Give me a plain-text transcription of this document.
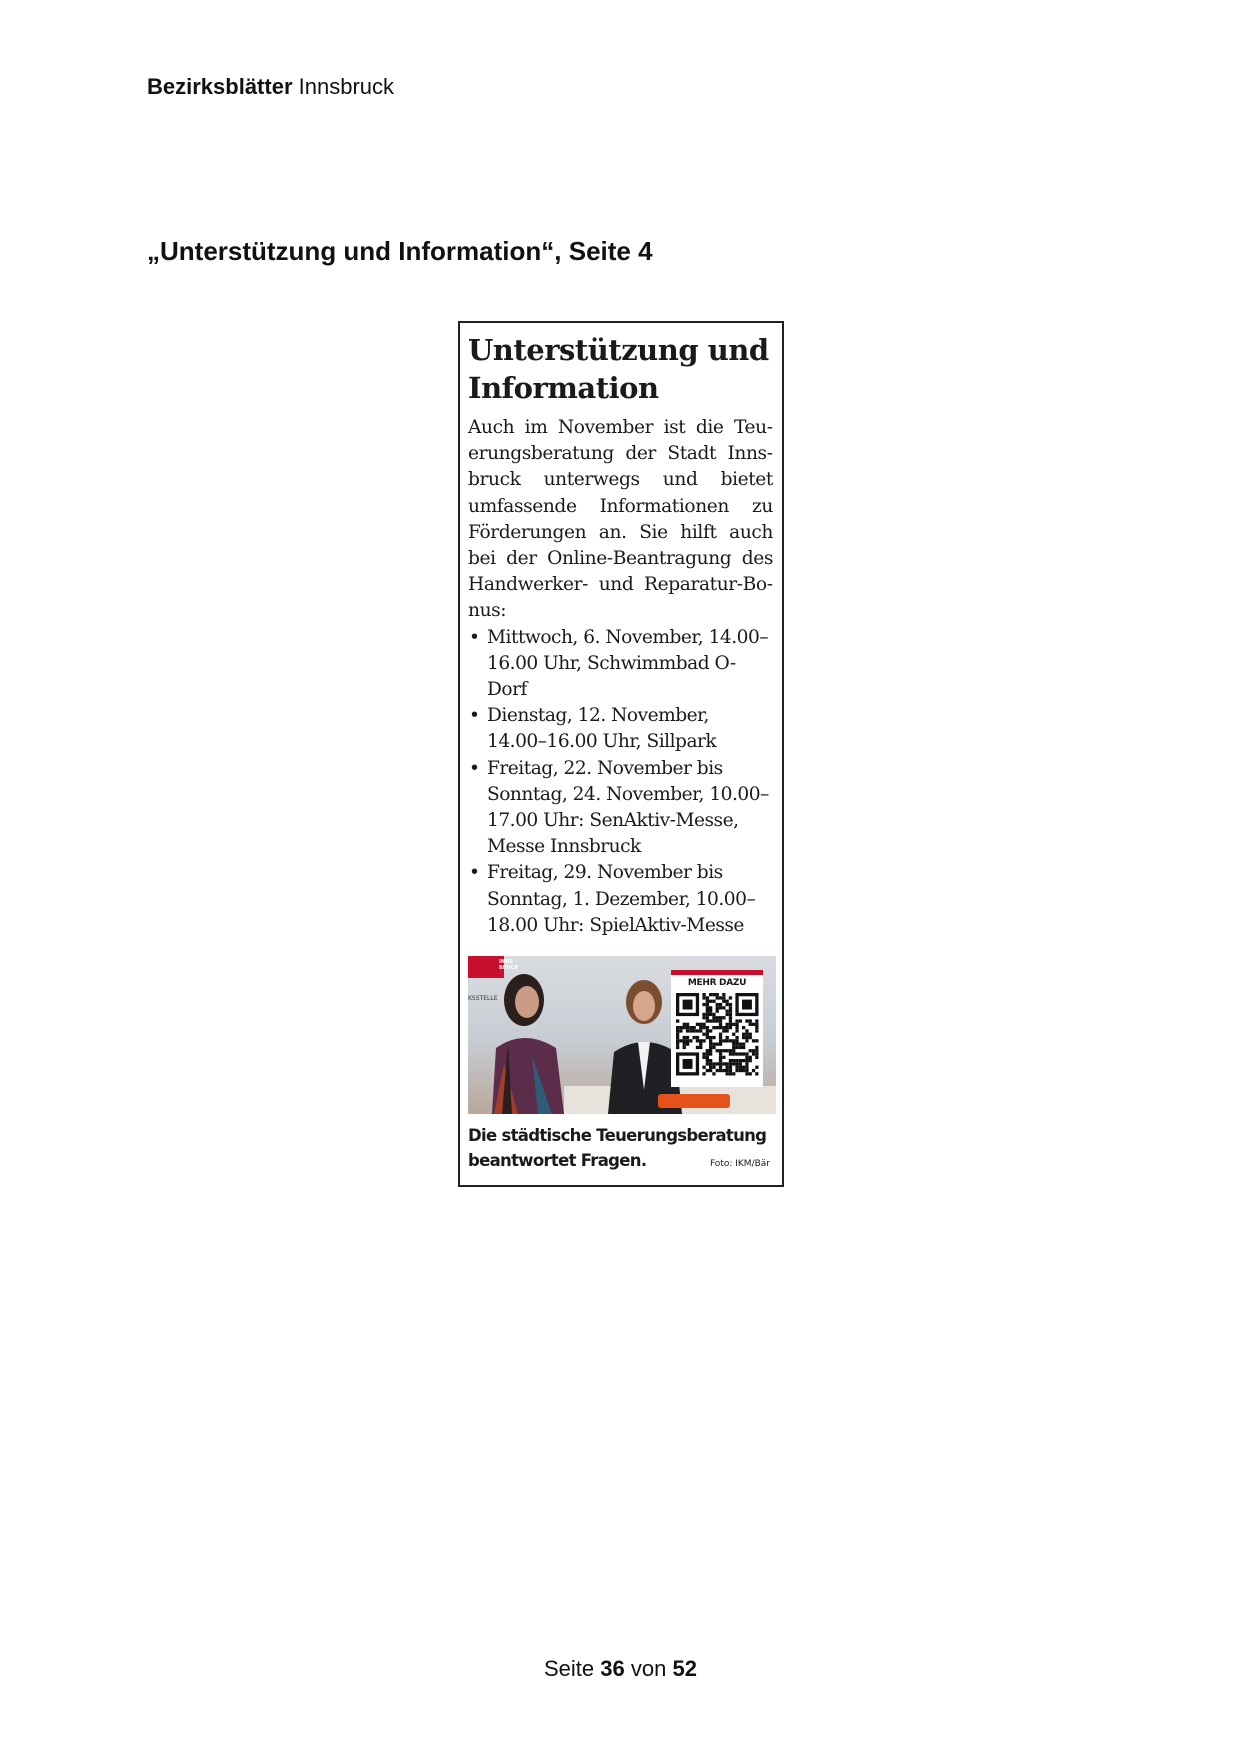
Bezirksblätter Innsbruck
„Unterstützung und Information“, Seite 4
Unterstützung und
Information

Auch im November ist die Teuerungsberatung der Stadt Innsbruck unterwegs und bietet umfassende Informationen zu Förderungen an. Sie hilft auch bei der Online-Beantragung des Handwerker- und Reparatur-Bonus:

• Mittwoch, 6. November, 14.00–16.00 Uhr, Schwimmbad O-Dorf
• Dienstag, 12. November, 14.00–16.00 Uhr, Sillpark
• Freitag, 22. November bis Sonntag, 24. November, 10.00–17.00 Uhr: SenAktiv-Messe, Messe Innsbruck
• Freitag, 29. November bis Sonntag, 1. Dezember, 10.00–18.00 Uhr: SpielAktiv-Messe
INNS BRUCK
KSSTELLE
MEHR DAZU
Die städtische Teuerungsberatung
beantwortet Fragen.	Foto: IKM/Bär
Seite 36 von 52
